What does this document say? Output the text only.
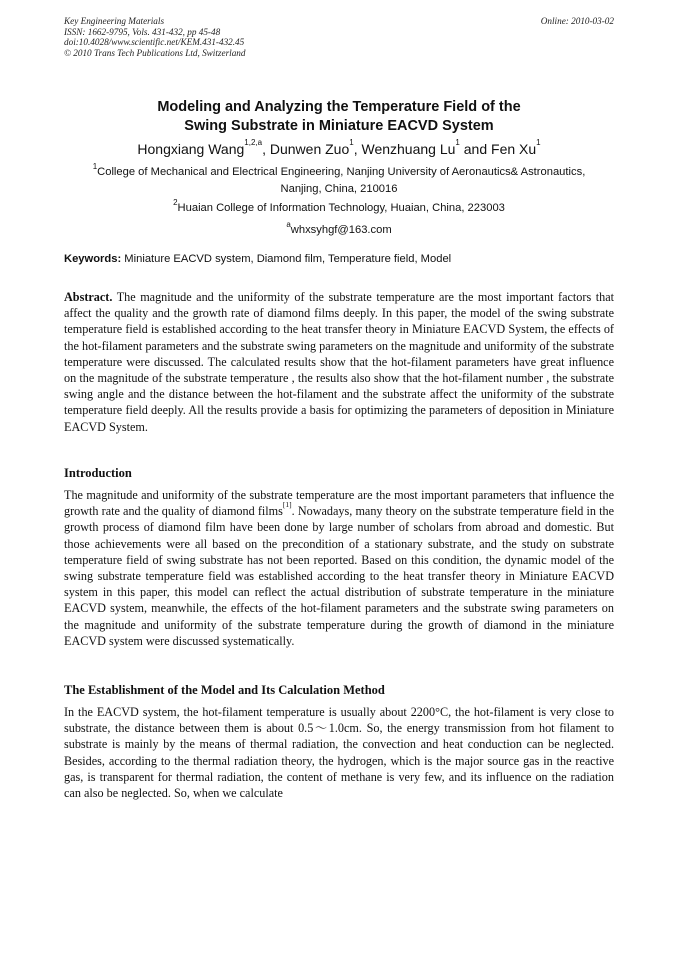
Key Engineering Materials
ISSN: 1662-9795, Vols. 431-432, pp 45-48
doi:10.4028/www.scientific.net/KEM.431-432.45
© 2010 Trans Tech Publications Ltd, Switzerland
Online: 2010-03-02
Modeling and Analyzing the Temperature Field of the
Swing Substrate in Miniature EACVD System
Hongxiang Wang$^{1,2,a}$, Dunwen Zuo$^1$, Wenzhuang Lu$^1$ and Fen Xu$^1$
$^1$College of Mechanical and Electrical Engineering, Nanjing University of Aeronautics& Astronautics,
Nanjing, China, 210016
$^2$Huaian College of Information Technology, Huaian, China, 223003
$^a$whxsyhgf@163.com
Keywords: Miniature EACVD system, Diamond film, Temperature field, Model
Abstract. The magnitude and the uniformity of the substrate temperature are the most important factors that affect the quality and the growth rate of diamond films deeply. In this paper, the model of the swing substrate temperature field is established according to the heat transfer theory in Miniature EACVD System, the effects of the hot-filament parameters and the substrate swing parameters on the magnitude and uniformity of the substrate temperature were discussed. The calculated results show that the hot-filament parameters have great influence on the magnitude of the substrate temperature , the results also show that the hot-filament number , the substrate swing angle and the distance between the hot-filament and the substrate affect the uniformity of the substrate temperature field deeply. All the results provide a basis for optimizing the parameters of deposition in Miniature EACVD System.
Introduction
The magnitude and uniformity of the substrate temperature are the most important parameters that influence the growth rate and the quality of diamond films[1]. Nowadays, many theory on the substrate temperature field in the growth process of diamond film have been done by large number of scholars from abroad and domestic. But those achievements were all based on the precondition of a stationary substrate, and the study on substrate temperature field of swing substrate has not been reported. Based on this condition, the dynamic model of the swing substrate temperature field was established according to the heat transfer theory in Miniature EACVD system in this paper, this model can reflect the actual distribution of substrate temperature in the miniature EACVD system, meanwhile, the effects of the hot-filament parameters and the substrate swing parameters on the magnitude and uniformity of the substrate temperature during the growth of diamond in the miniature EACVD system were discussed systematically.
The Establishment of the Model and Its Calculation Method
In the EACVD system, the hot-filament temperature is usually about 2200°C, the hot-filament is very close to substrate, the distance between them is about 0.5～1.0cm. So, the energy transmission from hot filament to substrate is mainly by the means of thermal radiation, the convection and heat conduction can be neglected. Besides, according to the thermal radiation theory, the hydrogen, which is the major source gas in the reactive gas, is transparent for thermal radiation, the content of methane is very few, and its influence on the radiation can also be neglected. So, when we calculate
